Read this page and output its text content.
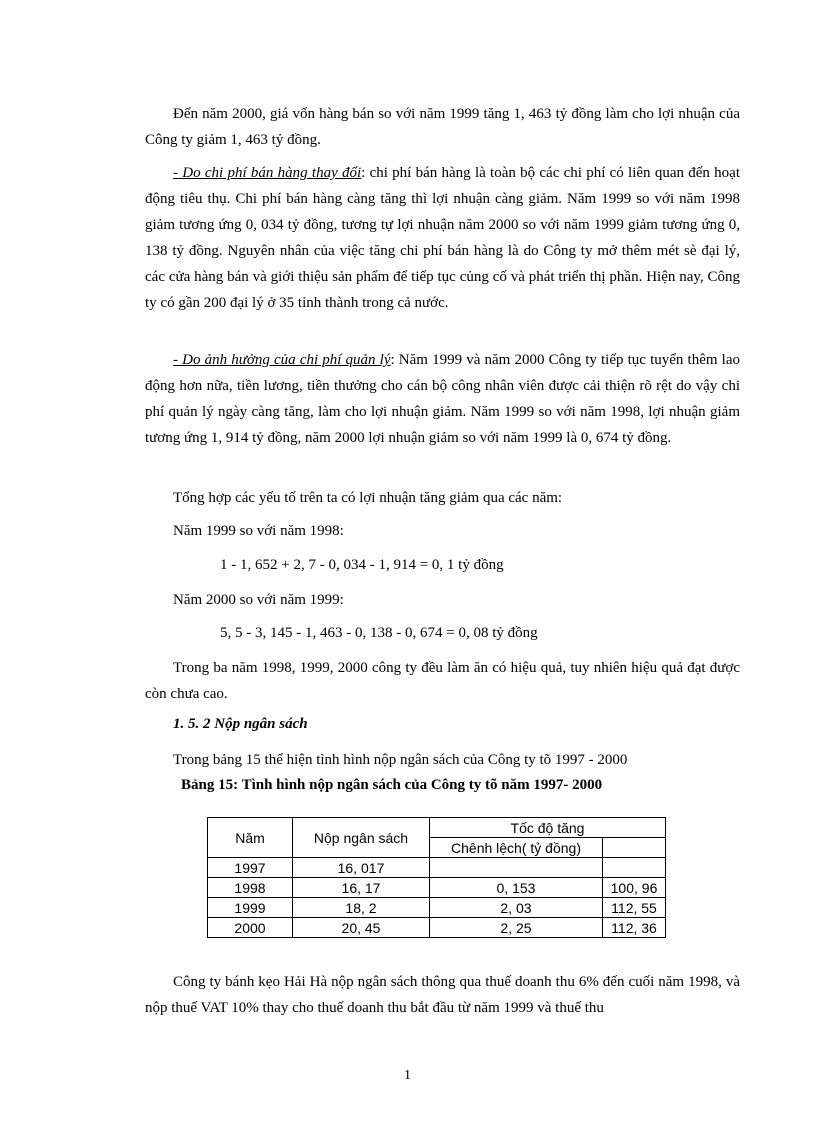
Đến năm 2000, giá vốn hàng bán so với năm 1999 tăng 1, 463 tỷ đồng làm cho lợi nhuận của Công ty giảm 1, 463 tỷ đồng.

- Do chi phí bán hàng thay đổi: chi phí bán hàng là toàn bộ các chi phí có liên quan đến hoạt động tiêu thụ. Chi phí bán hàng càng tăng thì lợi nhuận càng giảm. Năm 1999 so với năm 1998 giảm tương ứng 0, 034 tỷ đồng, tương tự lợi nhuận năm 2000 so với năm 1999 giảm tương ứng 0, 138 tỷ đồng. Nguyên nhân của việc tăng chi phí bán hàng là do Công ty mở thêm mét sè đại lý, các cửa hàng bán và giới thiệu sản phẩm để tiếp tục củng cố và phát triển thị phần. Hiện nay, Công ty có gần 200 đại lý ở 35 tỉnh thành trong cả nước.

- Do ảnh hưởng của chi phí quản lý: Năm 1999 và năm 2000 Công ty tiếp tục tuyển thêm lao động hơn nữa, tiền lương, tiền thưởng cho cán bộ công nhân viên được cải thiện rõ rệt do vậy chi phí quản lý ngày càng tăng, làm cho lợi nhuận giảm. Năm 1999 so với năm 1998, lợi nhuận giảm tương ứng 1, 914 tỷ đồng, năm 2000 lợi nhuận giảm so với năm 1999 là 0, 674 tỷ đồng.

Tổng hợp các yếu tố trên ta có lợi nhuận tăng giảm qua các năm:
Năm 1999 so với năm 1998:
1 - 1, 652 + 2, 7 - 0, 034 - 1, 914 = 0, 1 tỷ đồng
Năm 2000 so với năm 1999:
5, 5 - 3, 145 - 1, 463 - 0, 138 - 0, 674 = 0, 08 tỷ đồng

Trong ba năm 1998, 1999, 2000 công ty đều làm ăn có hiệu quả, tuy nhiên hiệu quả đạt được còn chưa cao.

1. 5. 2 Nộp ngân sách
Trong bảng 15 thể hiện tình hình nộp ngân sách của Công ty tõ 1997 - 2000
Bảng 15: Tình hình nộp ngân sách của Công ty tõ năm 1997- 2000
Năm	Nộp ngân sách	Tốc độ tăng	
		Chênh lệch( tỷ đồng)	
1997	16, 017		
1998	16, 17	0, 153	100, 96
1999	18, 2	2, 03	112, 55
2000	20, 45	2, 25	112, 36

Công ty bánh kẹo Hải Hà nộp ngân sách thông qua thuế doanh thu 6% đến cuối năm 1998, và nộp thuế VAT 10% thay cho thuế doanh thu bắt đầu từ năm 1999 và thuế thu

1
